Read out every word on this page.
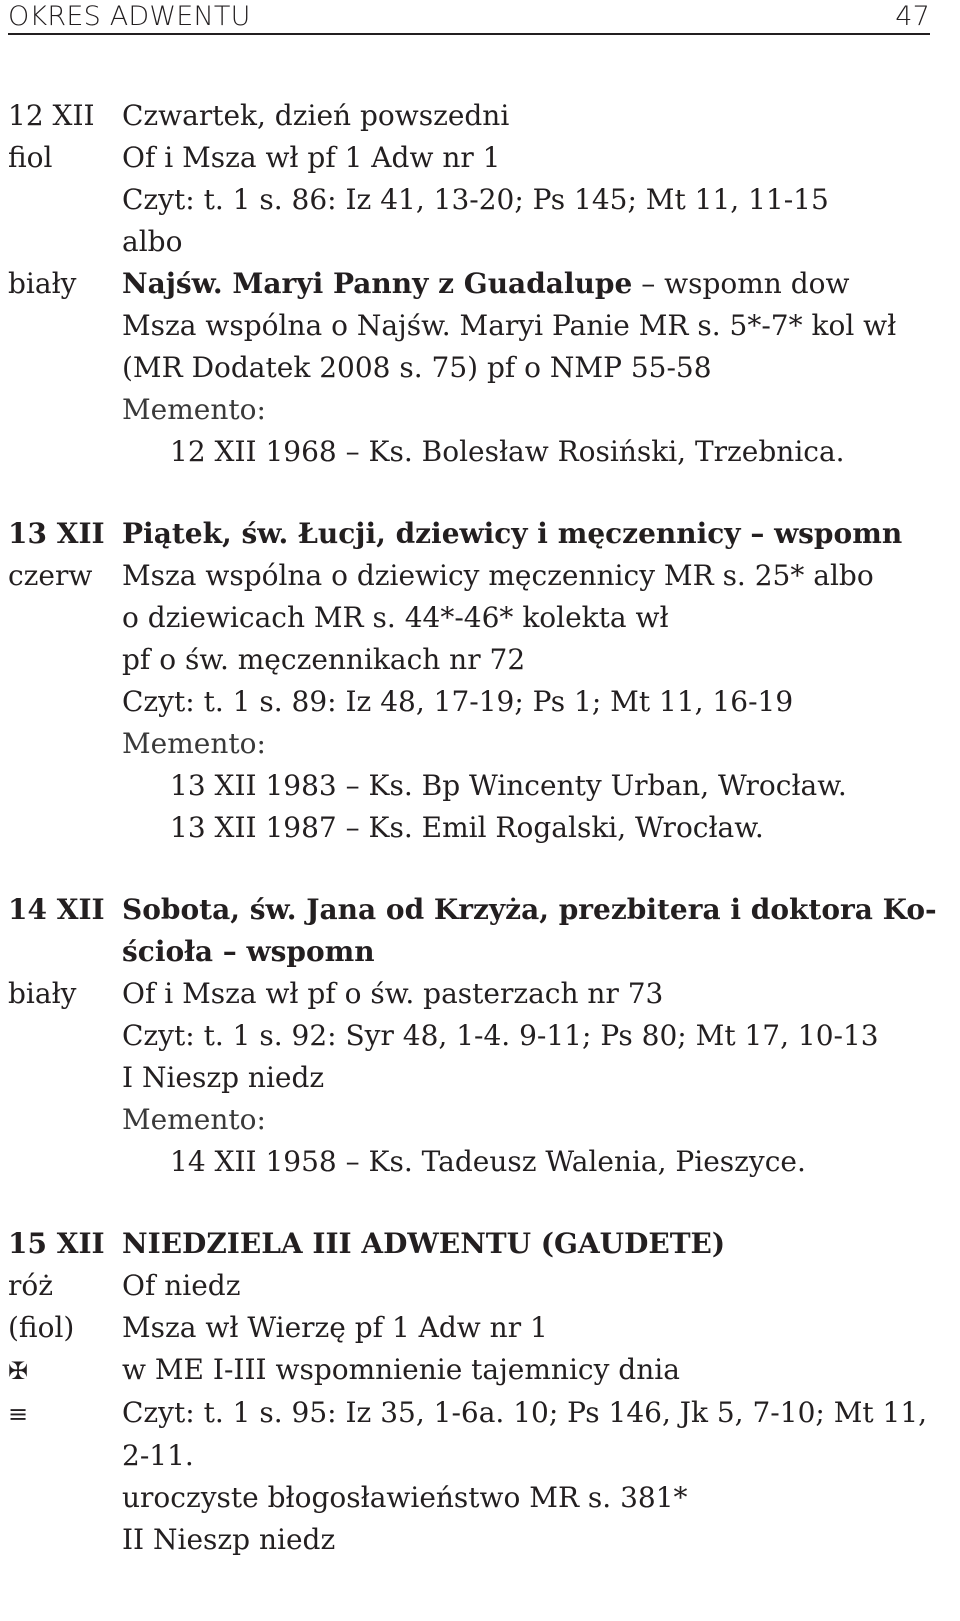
OKRES ADWENTU	47
12 XII Czwartek, dzień powszedni
fiol	Of i Msza wł pf 1 Adw nr 1
Czyt: t. 1 s. 86: Iz 41, 13-20; Ps 145; Mt 11, 11-15
albo
biały	Najśw. Maryi Panny z Guadalupe – wspomn dow
Msza wspólna o Najśw. Maryi Panie MR s. 5*-7* kol wł
(MR Dodatek 2008 s. 75) pf o NMP 55-58
Memento:
12 XII 1968 – Ks. Bolesław Rosiński, Trzebnica.
13 XII Piątek, św. Łucji, dziewicy i męczennicy – wspomn
czerw	Msza wspólna o dziewicy męczennicy MR s. 25* albo
o dziewicach MR s. 44*-46* kolekta wł
pf o św. męczennikach nr 72
Czyt: t. 1 s. 89: Iz 48, 17-19; Ps 1; Mt 11, 16-19
Memento:
13 XII 1983 – Ks. Bp Wincenty Urban, Wrocław.
13 XII 1987 – Ks. Emil Rogalski, Wrocław.
14 XII Sobota, św. Jana od Krzyża, prezbitera i doktora Ko-
ścioła – wspomn
biały	Of i Msza wł pf o św. pasterzach nr 73
Czyt: t. 1 s. 92: Syr 48, 1-4. 9-11; Ps 80; Mt 17, 10-13
I Nieszp niedz
Memento:
14 XII 1958 – Ks. Tadeusz Walenia, Pieszyce.
15 XII NIEDZIELA III ADWENTU (GAUDETE)
róż	Of niedz
(fiol)	Msza wł Wierzę pf 1 Adw nr 1
✠	w ME I-III wspomnienie tajemnicy dnia
≡	Czyt: t. 1 s. 95: Iz 35, 1-6a. 10; Ps 146, Jk 5, 7-10; Mt 11,
2-11.
uroczyste błogosławieństwo MR s. 381*
II Nieszp niedz
